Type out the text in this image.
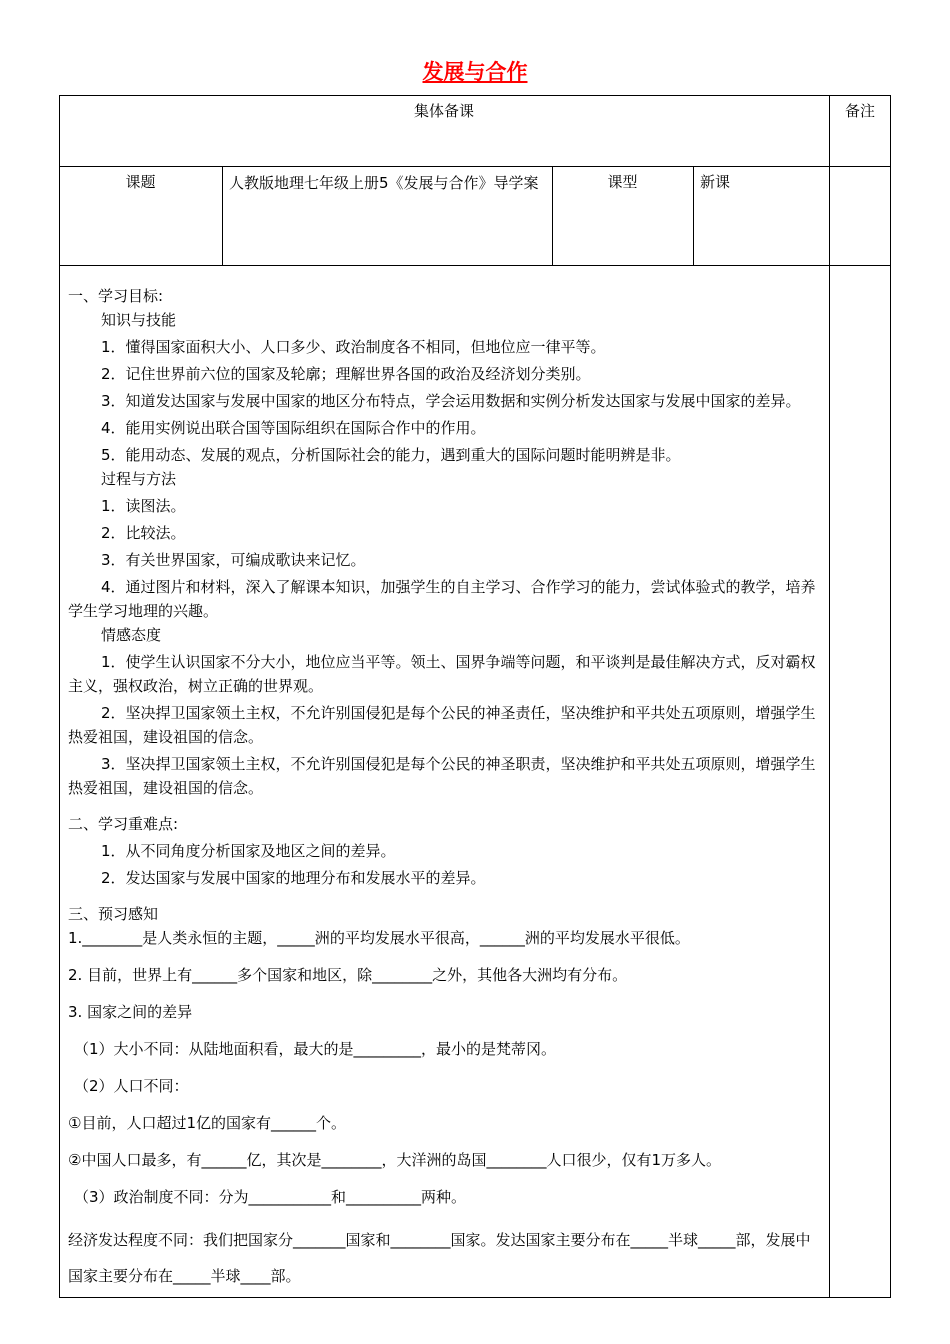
发展与合作
集体备课	备注
课题	人教版地理七年级上册5《发展与合作》导学案	课型	新课

一、学习目标:

知识与技能

1．懂得国家面积大小、人口多少、政治制度各不相同，但地位应一律平等。

2．记住世界前六位的国家及轮廓；理解世界各国的政治及经济划分类别。

3．知道发达国家与发展中国家的地区分布特点，学会运用数据和实例分析发达国家与发展中国家的差异。

4．能用实例说出联合国等国际组织在国际合作中的作用。

5．能用动态、发展的观点，分析国际社会的能力，遇到重大的国际问题时能明辨是非。

过程与方法

1．读图法。

2．比较法。

3．有关世界国家，可编成歌诀来记忆。

4．通过图片和材料，深入了解课本知识，加强学生的自主学习、合作学习的能力，尝试体验式的教学，培养学生学习地理的兴趣。

情感态度

1．使学生认识国家不分大小，地位应当平等。领土、国界争端等问题，和平谈判是最佳解决方式，反对霸权主义，强权政治，树立正确的世界观。

2．坚决捍卫国家领土主权，不允许别国侵犯是每个公民的神圣责任，坚决维护和平共处五项原则，增强学生热爱祖国，建设祖国的信念。

3．坚决捍卫国家领土主权，不允许别国侵犯是每个公民的神圣职责，坚决维护和平共处五项原则，增强学生热爱祖国，建设祖国的信念。

二、学习重难点:

1．从不同角度分析国家及地区之间的差异。

2．发达国家与发展中国家的地理分布和发展水平的差异。

三、预习感知

1.________是人类永恒的主题，_____洲的平均发展水平很高，______洲的平均发展水平很低。

2. 目前，世界上有______多个国家和地区，除________之外，其他各大洲均有分布。

3. 国家之间的差异

（1）大小不同：从陆地面积看，最大的是_________，最小的是梵蒂冈。

（2）人口不同：

①目前，人口超过1亿的国家有______个。

②中国人口最多，有______亿，其次是________，大洋洲的岛国________人口很少，仅有1万多人。

（3）政治制度不同：分为___________和__________两种。

经济发达程度不同：我们把国家分_______国家和________国家。发达国家主要分布在_____半球_____部，发展中国家主要分布在_____半球____部。
